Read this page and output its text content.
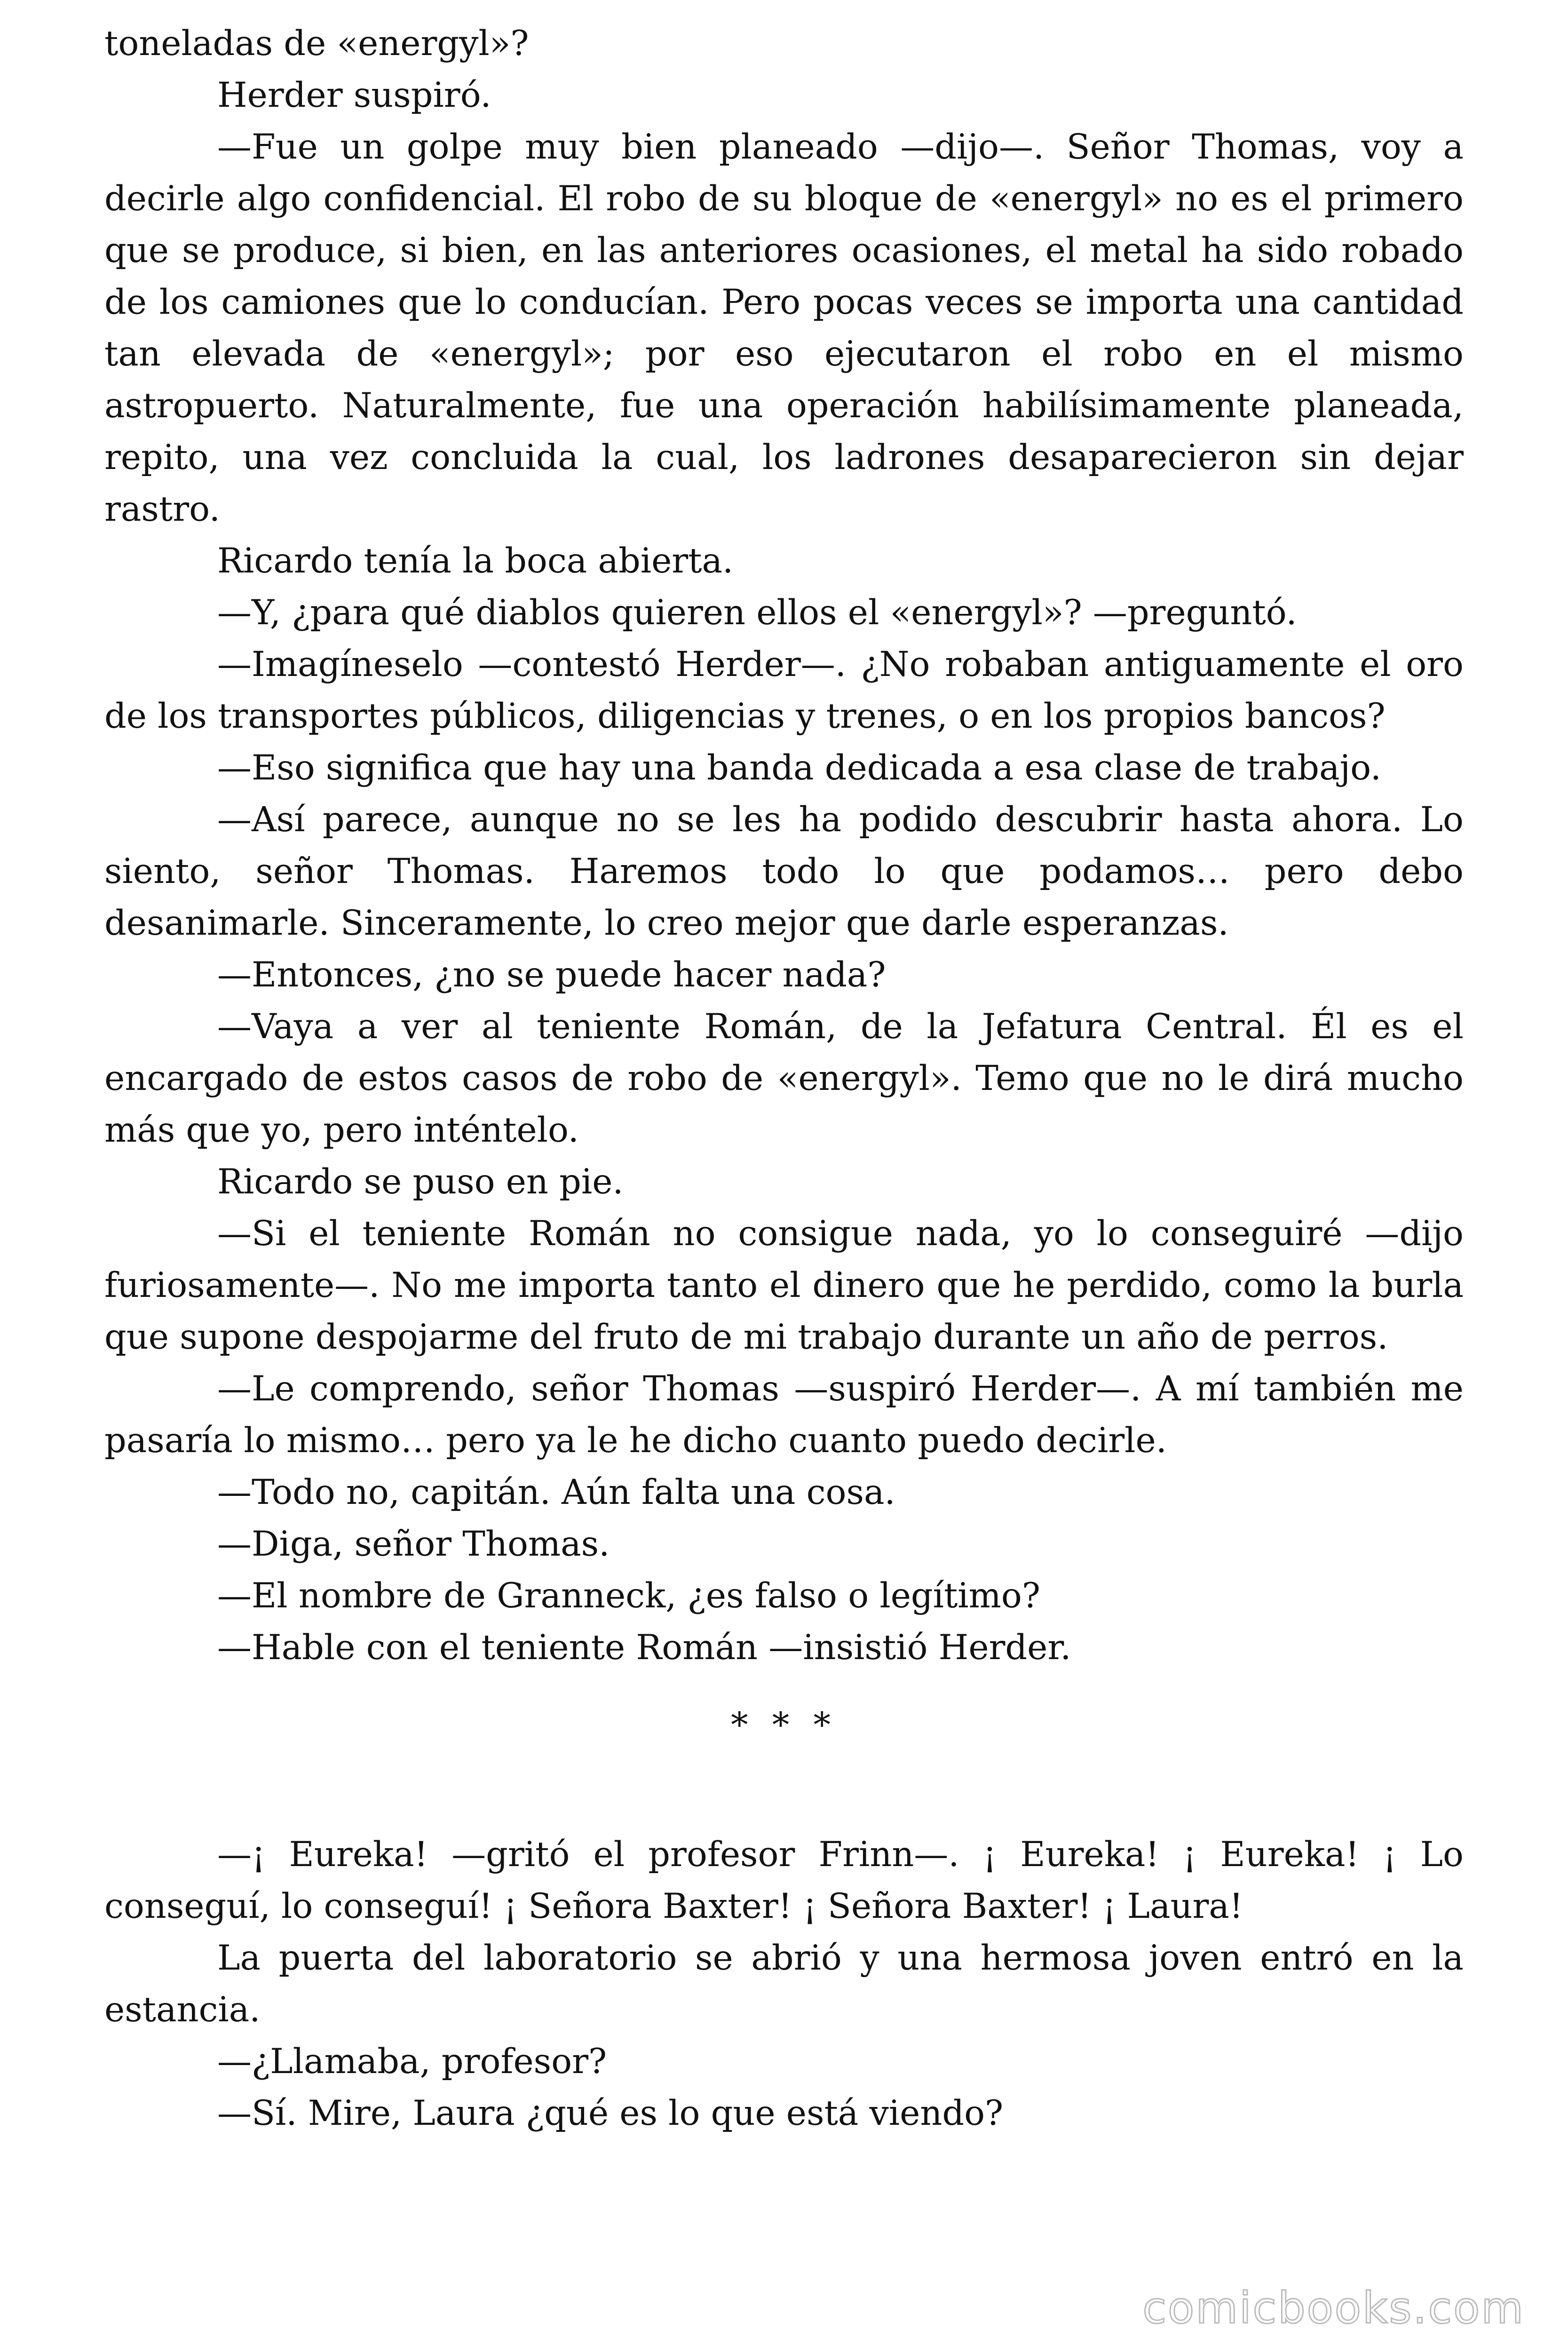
toneladas de «energyl»?

Herder suspiró.

—Fue un golpe muy bien planeado —dijo—. Señor Thomas, voy a decirle algo confidencial. El robo de su bloque de «energyl» no es el primero que se produce, si bien, en las anteriores ocasiones, el metal ha sido robado de los camiones que lo conducían. Pero pocas veces se importa una cantidad tan elevada de «energyl»; por eso ejecutaron el robo en el mismo astropuerto. Naturalmente, fue una operación habilísimamente planeada, repito, una vez concluida la cual, los ladrones desaparecieron sin dejar rastro.

Ricardo tenía la boca abierta.

—Y, ¿para qué diablos quieren ellos el «energyl»? —preguntó.

—Imagíneselo —contestó Herder—. ¿No robaban antiguamente el oro de los transportes públicos, diligencias y trenes, o en los propios bancos?

—Eso significa que hay una banda dedicada a esa clase de trabajo.

—Así parece, aunque no se les ha podido descubrir hasta ahora. Lo siento, señor Thomas. Haremos todo lo que podamos… pero debo desanimarle. Sinceramente, lo creo mejor que darle esperanzas.

—Entonces, ¿no se puede hacer nada?

—Vaya a ver al teniente Román, de la Jefatura Central. Él es el encargado de estos casos de robo de «energyl». Temo que no le dirá mucho más que yo, pero inténtelo.

Ricardo se puso en pie.

—Si el teniente Román no consigue nada, yo lo conseguiré —dijo furiosamente—. No me importa tanto el dinero que he perdido, como la burla que supone despojarme del fruto de mi trabajo durante un año de perros.

—Le comprendo, señor Thomas —suspiró Herder—. A mí también me pasaría lo mismo… pero ya le he dicho cuanto puedo decirle.

—Todo no, capitán. Aún falta una cosa.

—Diga, señor Thomas.

—El nombre de Granneck, ¿es falso o legítimo?

—Hable con el teniente Román —insistió Herder.

* * *

—¡ Eureka! —gritó el profesor Frinn—. ¡ Eureka! ¡ Eureka! ¡ Lo conseguí, lo conseguí! ¡ Señora Baxter! ¡ Señora Baxter! ¡ Laura!

La puerta del laboratorio se abrió y una hermosa joven entró en la estancia.

—¿Llamaba, profesor?

—Sí. Mire, Laura ¿qué es lo que está viendo?

comicbooks.com
